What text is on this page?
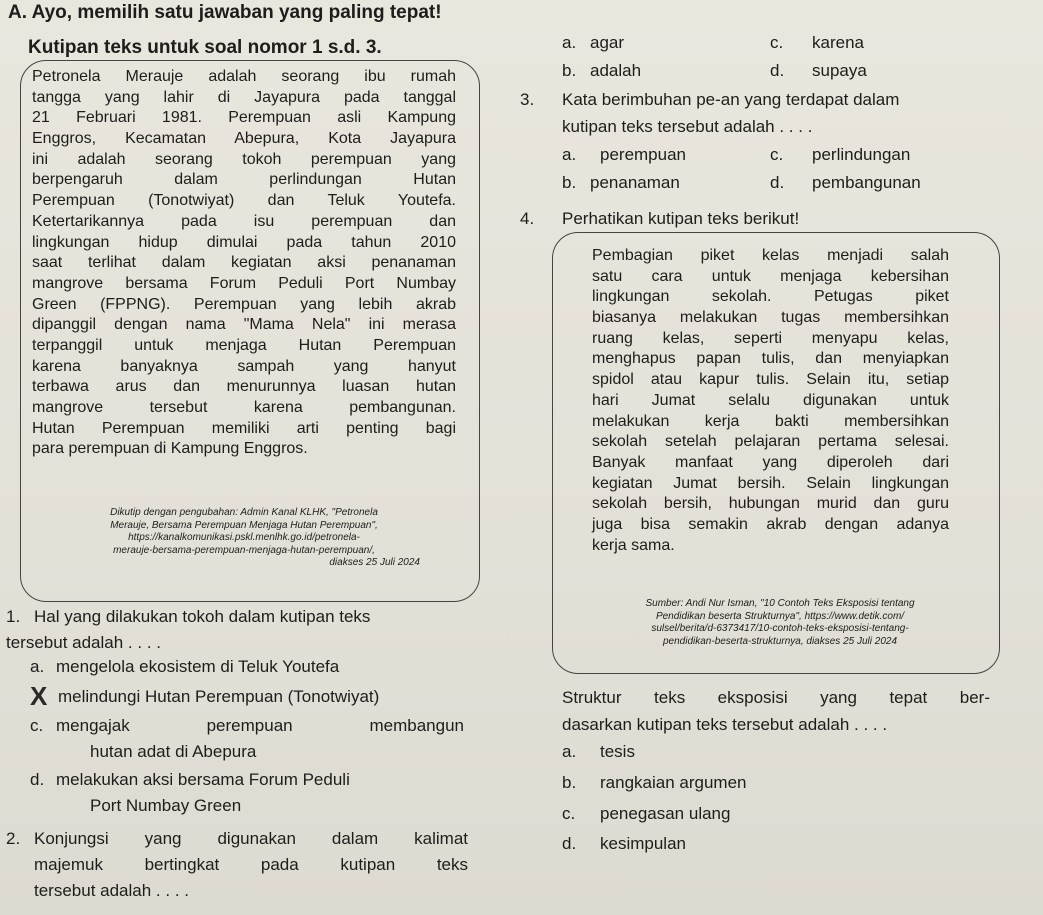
A. Ayo, memilih satu jawaban yang paling tepat!
Kutipan teks untuk soal nomor 1 s.d. 3.
Petronela Merauje adalah seorang ibu rumah
tangga yang lahir di Jayapura pada tanggal
21 Februari 1981. Perempuan asli Kampung
Enggros, Kecamatan Abepura, Kota Jayapura
ini adalah seorang tokoh perempuan yang
berpengaruh dalam perlindungan Hutan
Perempuan (Tonotwiyat) dan Teluk Youtefa.
Ketertarikannya pada isu perempuan dan
lingkungan hidup dimulai pada tahun 2010
saat terlihat dalam kegiatan aksi penanaman
mangrove bersama Forum Peduli Port Numbay
Green (FPPNG). Perempuan yang lebih akrab
dipanggil dengan nama "Mama Nela" ini merasa
terpanggil untuk menjaga Hutan Perempuan
karena banyaknya sampah yang hanyut
terbawa arus dan menurunnya luasan hutan
mangrove tersebut karena pembangunan.
Hutan Perempuan memiliki arti penting bagi
para perempuan di Kampung Enggros.
Dikutip dengan pengubahan: Admin Kanal KLHK, "Petronela
Merauje, Bersama Perempuan Menjaga Hutan Perempuan",
https://kanalkomunikasi.pskl.menlhk.go.id/petronela-
merauje-bersama-perempuan-menjaga-hutan-perempuan/,
diakses 25 Juli 2024
1. Hal yang dilakukan tokoh dalam kutipan teks
tersebut adalah . . . .
a. mengelola ekosistem di Teluk Youtefa
X melindungi Hutan Perempuan (Tonotwiyat)
c. mengajak perempuan membangun
hutan adat di Abepura
d. melakukan aksi bersama Forum Peduli
Port Numbay Green
2. Konjungsi yang digunakan dalam kalimat
majemuk bertingkat pada kutipan teks
tersebut adalah . . . .
a. agar
b. adalah
c. karena
d. supaya
3. Kata berimbuhan pe-an yang terdapat dalam
kutipan teks tersebut adalah . . . .
a. perempuan
b. penanaman
c. perlindungan
d. pembangunan
4. Perhatikan kutipan teks berikut!
Pembagian piket kelas menjadi salah
satu cara untuk menjaga kebersihan
lingkungan sekolah. Petugas piket
biasanya melakukan tugas membersihkan
ruang kelas, seperti menyapu kelas,
menghapus papan tulis, dan menyiapkan
spidol atau kapur tulis. Selain itu, setiap
hari Jumat selalu digunakan untuk
melakukan kerja bakti membersihkan
sekolah setelah pelajaran pertama selesai.
Banyak manfaat yang diperoleh dari
kegiatan Jumat bersih. Selain lingkungan
sekolah bersih, hubungan murid dan guru
juga bisa semakin akrab dengan adanya
kerja sama.
Sumber: Andi Nur Isman, "10 Contoh Teks Eksposisi tentang
Pendidikan beserta Strukturnya", https://www.detik.com/
sulsel/berita/d-6373417/10-contoh-teks-eksposisi-tentang-
pendidikan-beserta-strukturnya, diakses 25 Juli 2024
Struktur teks eksposisi yang tepat ber-
dasarkan kutipan teks tersebut adalah . . . .
a. tesis
b. rangkaian argumen
c. penegasan ulang
d. kesimpulan
